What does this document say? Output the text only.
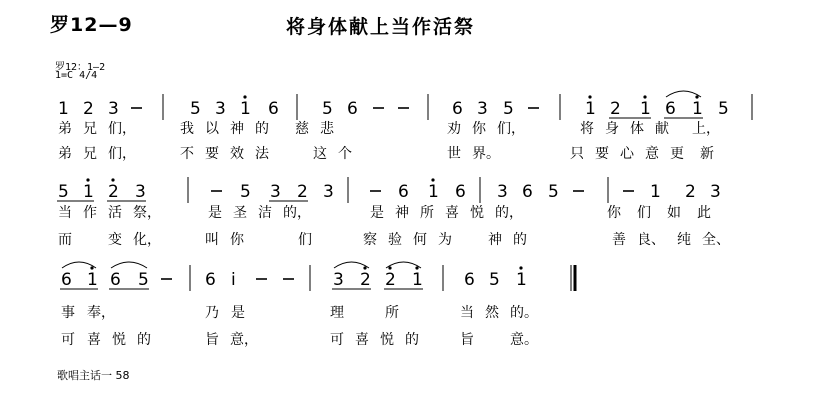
罗12—9	将身体献上当作活祭
罗12：1—2
1=C 4/4
1 2 3	5 3 1 6	5 6	6 3 5	1 2 1 6 1 5
5 1 2 3	5 3 2 3	6 1 6 3 6 5	1 2 3
6 1 6 5	6 i	3 2 2 1 6 5 1
弟 兄 们，	我 以 神 的 慈 悲	劝 你 们，	将 身 体 献 上，
弟 兄 们，	不 要 效 法	这 个	世 界。	只 要 心 意 更 新
当 作 活 祭，	是 圣 洁 的，	是 神 所 喜 悦 的，	你 们 如 此
而	变 化，	叫 你	们	察 验 何 为	神 的	善 良、 纯 全、
事 奉，	乃 是	理	所	当 然 的。
可 喜 悦 的	旨 意，	可 喜 悦 的	旨	意。
歌唱主话一 58
